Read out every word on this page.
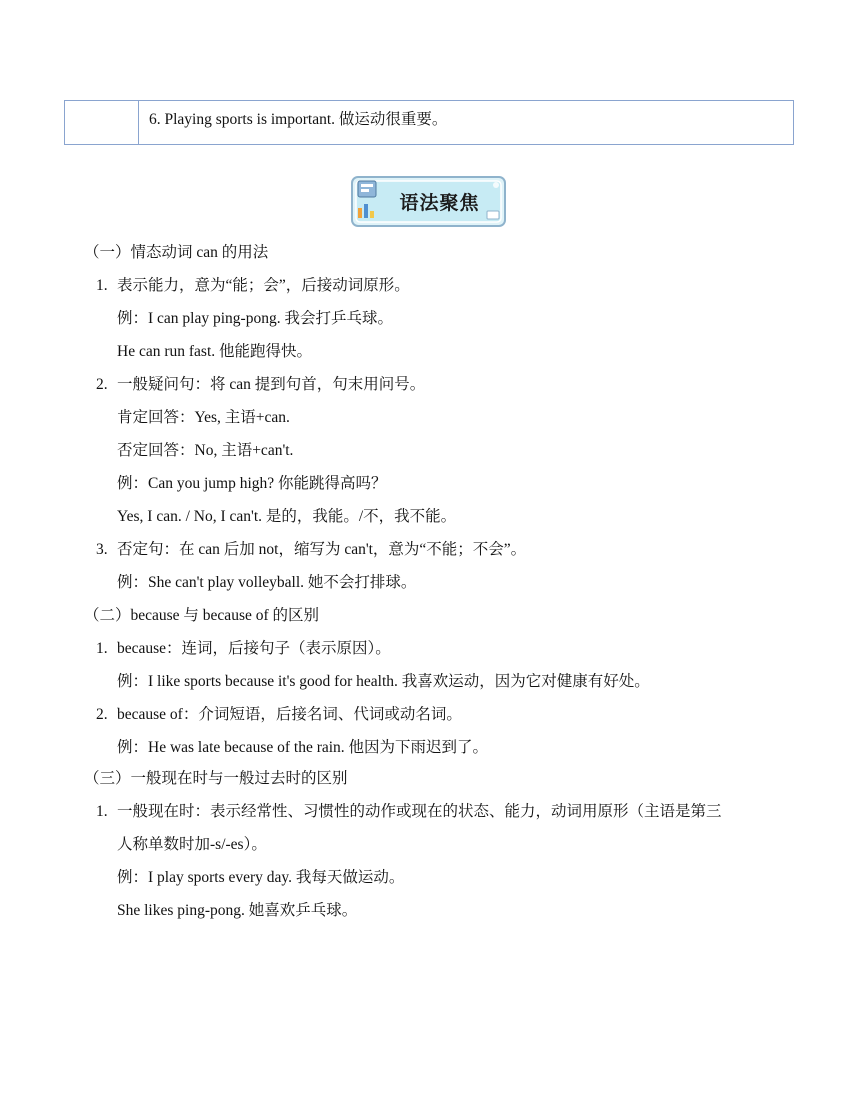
6. Playing sports is important. 做运动很重要。
语法聚焦
（一）情态动词 can 的用法
1. 表示能力，意为“能；会”，后接动词原形。
例：I can play ping-pong. 我会打乒乓球。
He can run fast. 他能跑得快。
2. 一般疑问句：将 can 提到句首，句末用问号。
肯定回答：Yes, 主语+can.
否定回答：No, 主语+can't.
例：Can you jump high? 你能跳得高吗？
Yes, I can. / No, I can't. 是的，我能。/不，我不能。
3. 否定句：在 can 后加 not，缩写为 can't，意为“不能；不会”。
例：She can't play volleyball. 她不会打排球。
（二）because 与 because of 的区别
1. because：连词，后接句子（表示原因）。
例：I like sports because it's good for health. 我喜欢运动，因为它对健康有好处。
2. because of：介词短语，后接名词、代词或动名词。
例：He was late because of the rain. 他因为下雨迟到了。
（三）一般现在时与一般过去时的区别
1. 一般现在时：表示经常性、习惯性的动作或现在的状态、能力，动词用原形（主语是第三
人称单数时加-s/-es）。
例：I play sports every day. 我每天做运动。
She likes ping-pong. 她喜欢乒乓球。
